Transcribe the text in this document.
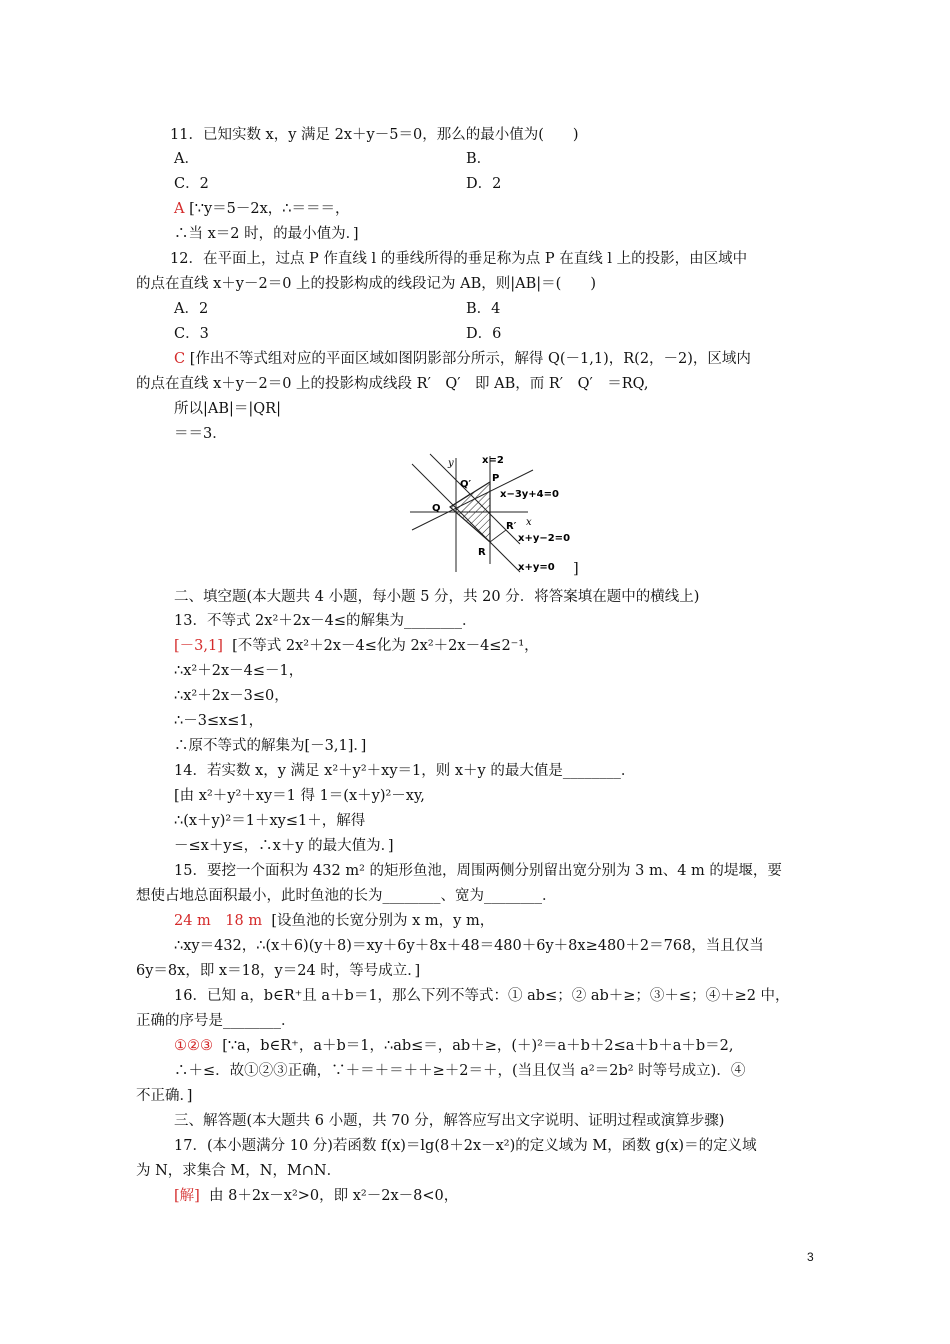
11．已知实数 x，y 满足 2x＋y－5＝0，那么的最小值为(　　)
A．	B．
C．2	D．2
A [∵y＝5－2x，∴＝＝＝，
∴当 x＝2 时，的最小值为．]
12．在平面上，过点 P 作直线 l 的垂线所得的垂足称为点 P 在直线 l 上的投影，由区域中
的点在直线 x＋y－2＝0 上的投影构成的线段记为 AB，则|AB|＝(　　)
A．2	B．4
C．3	D．6
C [作出不等式组对应的平面区域如图阴影部分所示，解得 Q(－1,1)，R(2，－2)，区域内
的点在直线 x＋y－2＝0 上的投影构成线段 R′　Q′　即 AB，而 R′　Q′　＝RQ,
所以|AB|＝|QR|
＝＝3．
y
x
x=2
P
Q′
Q
R′
R
x−3y+4=0
x+y−2=0
x+y=0 ]
二、填空题(本大题共 4 小题，每小题 5 分，共 20 分．将答案填在题中的横线上)
13．不等式 2x²＋2x－4≤的解集为________．
[－3,1] [不等式 2x²＋2x－4≤化为 2x²＋2x－4≤2⁻¹，
∴x²＋2x－4≤－1，
∴x²＋2x－3≤0，
∴－3≤x≤1，
∴原不等式的解集为[－3,1]．]
14．若实数 x，y 满足 x²＋y²＋xy＝1，则 x＋y 的最大值是________．
[由 x²＋y²＋xy＝1 得 1＝(x＋y)²－xy,
∴(x＋y)²＝1＋xy≤1＋，解得
－≤x＋y≤，∴x＋y 的最大值为．]
15．要挖一个面积为 432 m² 的矩形鱼池，周围两侧分别留出宽分别为 3 m、4 m 的堤堰，要
想使占地总面积最小，此时鱼池的长为________、宽为________．
24 m　18 m [设鱼池的长宽分别为 x m，y m，
∴xy＝432，∴(x＋6)(y＋8)＝xy＋6y＋8x＋48＝480＋6y＋8x≥480＋2＝768，当且仅当
6y＝8x，即 x＝18，y＝24 时，等号成立．]
16．已知 a，b∈R⁺且 a＋b＝1，那么下列不等式：① ab≤；② ab＋≥；③＋≤；④＋≥2 中，
正确的序号是________．
①②③ [∵a，b∈R⁺，a＋b＝1，∴ab≤＝，ab＋≥，(＋)²＝a＋b＋2≤a＋b＋a＋b＝2,
∴＋≤．故①②③正确，∵＋＝＋＝＋＋≥＋2＝＋，(当且仅当 a²＝2b² 时等号成立)．④
不正确．]
三、解答题(本大题共 6 小题，共 70 分，解答应写出文字说明、证明过程或演算步骤)
17．(本小题满分 10 分)若函数 f(x)＝lg(8＋2x－x²)的定义域为 M，函数 g(x)＝的定义域
为 N，求集合 M，N，M∩N．
[解] 由 8＋2x－x²>0，即 x²－2x－8<0，
3
